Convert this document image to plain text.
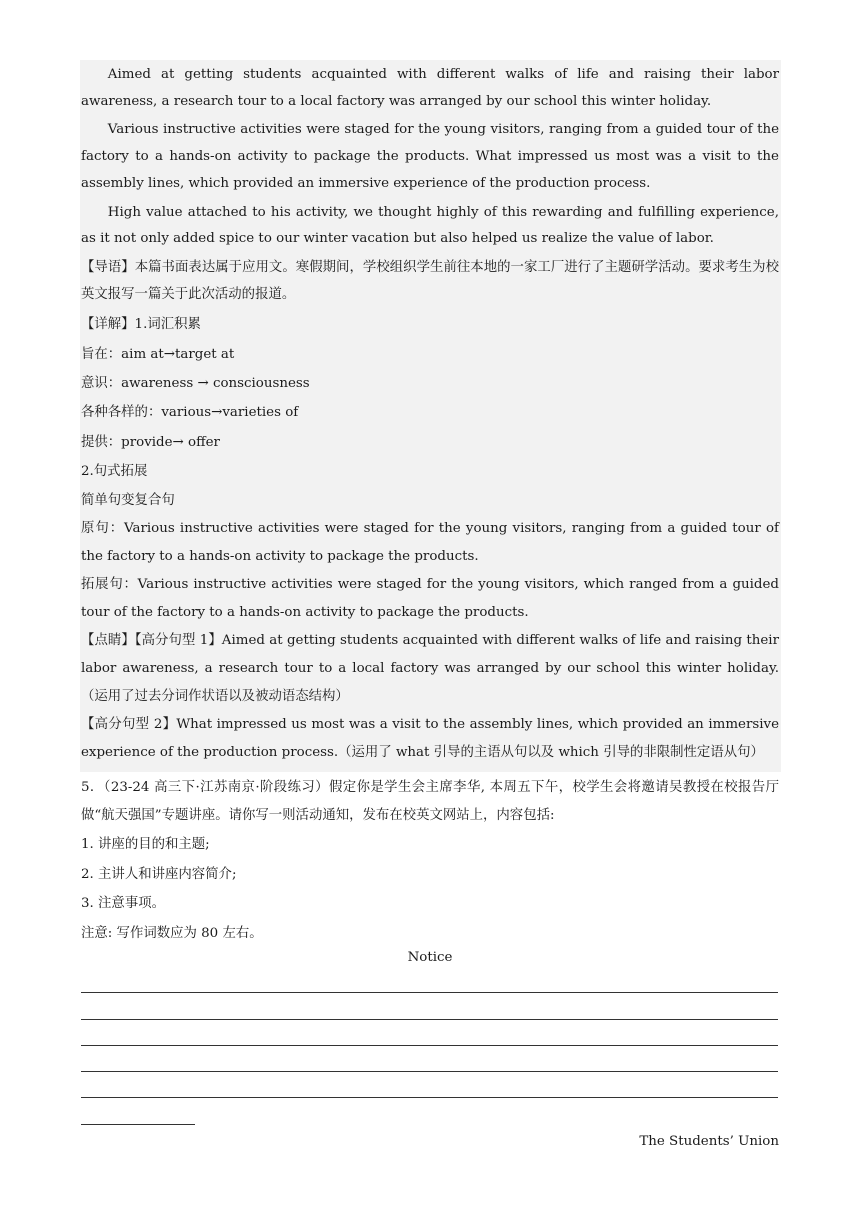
Aimed at getting students acquainted with different walks of life and raising their labor awareness, a research tour to a local factory was arranged by our school this winter holiday.

Various instructive activities were staged for the young visitors, ranging from a guided tour of the factory to a hands-on activity to package the products. What impressed us most was a visit to the assembly lines, which provided an immersive experience of the production process.

High value attached to his activity, we thought highly of this rewarding and fulfilling experience, as it not only added spice to our winter vacation but also helped us realize the value of labor.

【导语】本篇书面表达属于应用文。寒假期间，学校组织学生前往本地的一家工厂进行了主题研学活动。要求考生为校英文报写一篇关于此次活动的报道。

【详解】1.词汇积累

旨在：aim at→target at

意识：awareness → consciousness

各种各样的：various→varieties of

提供：provide→ offer

2.句式拓展

简单句变复合句

原句：Various instructive activities were staged for the young visitors, ranging from a guided tour of the factory to a hands-on activity to package the products.

拓展句：Various instructive activities were staged for the young visitors, which ranged from a guided tour of the factory to a hands-on activity to package the products.

【点睛】【高分句型 1】Aimed at getting students acquainted with different walks of life and raising their labor awareness, a research tour to a local factory was arranged by our school this winter holiday.　（运用了过去分词作状语以及被动语态结构）

【高分句型 2】What impressed us most was a visit to the assembly lines, which provided an immersive experience of the production process.（运用了 what 引导的主语从句以及 which 引导的非限制性定语从句）

5．（23-24 高三下·江苏南京·阶段练习）假定你是学生会主席李华, 本周五下午，校学生会将邀请吴教授在校报告厅做“航天强国”专题讲座。请你写一则活动通知，发布在校英文网站上，内容包括:

1. 讲座的目的和主题;

2. 主讲人和讲座内容简介;

3. 注意事项。

注意: 写作词数应为 80 左右。

Notice
The Students’ Union
